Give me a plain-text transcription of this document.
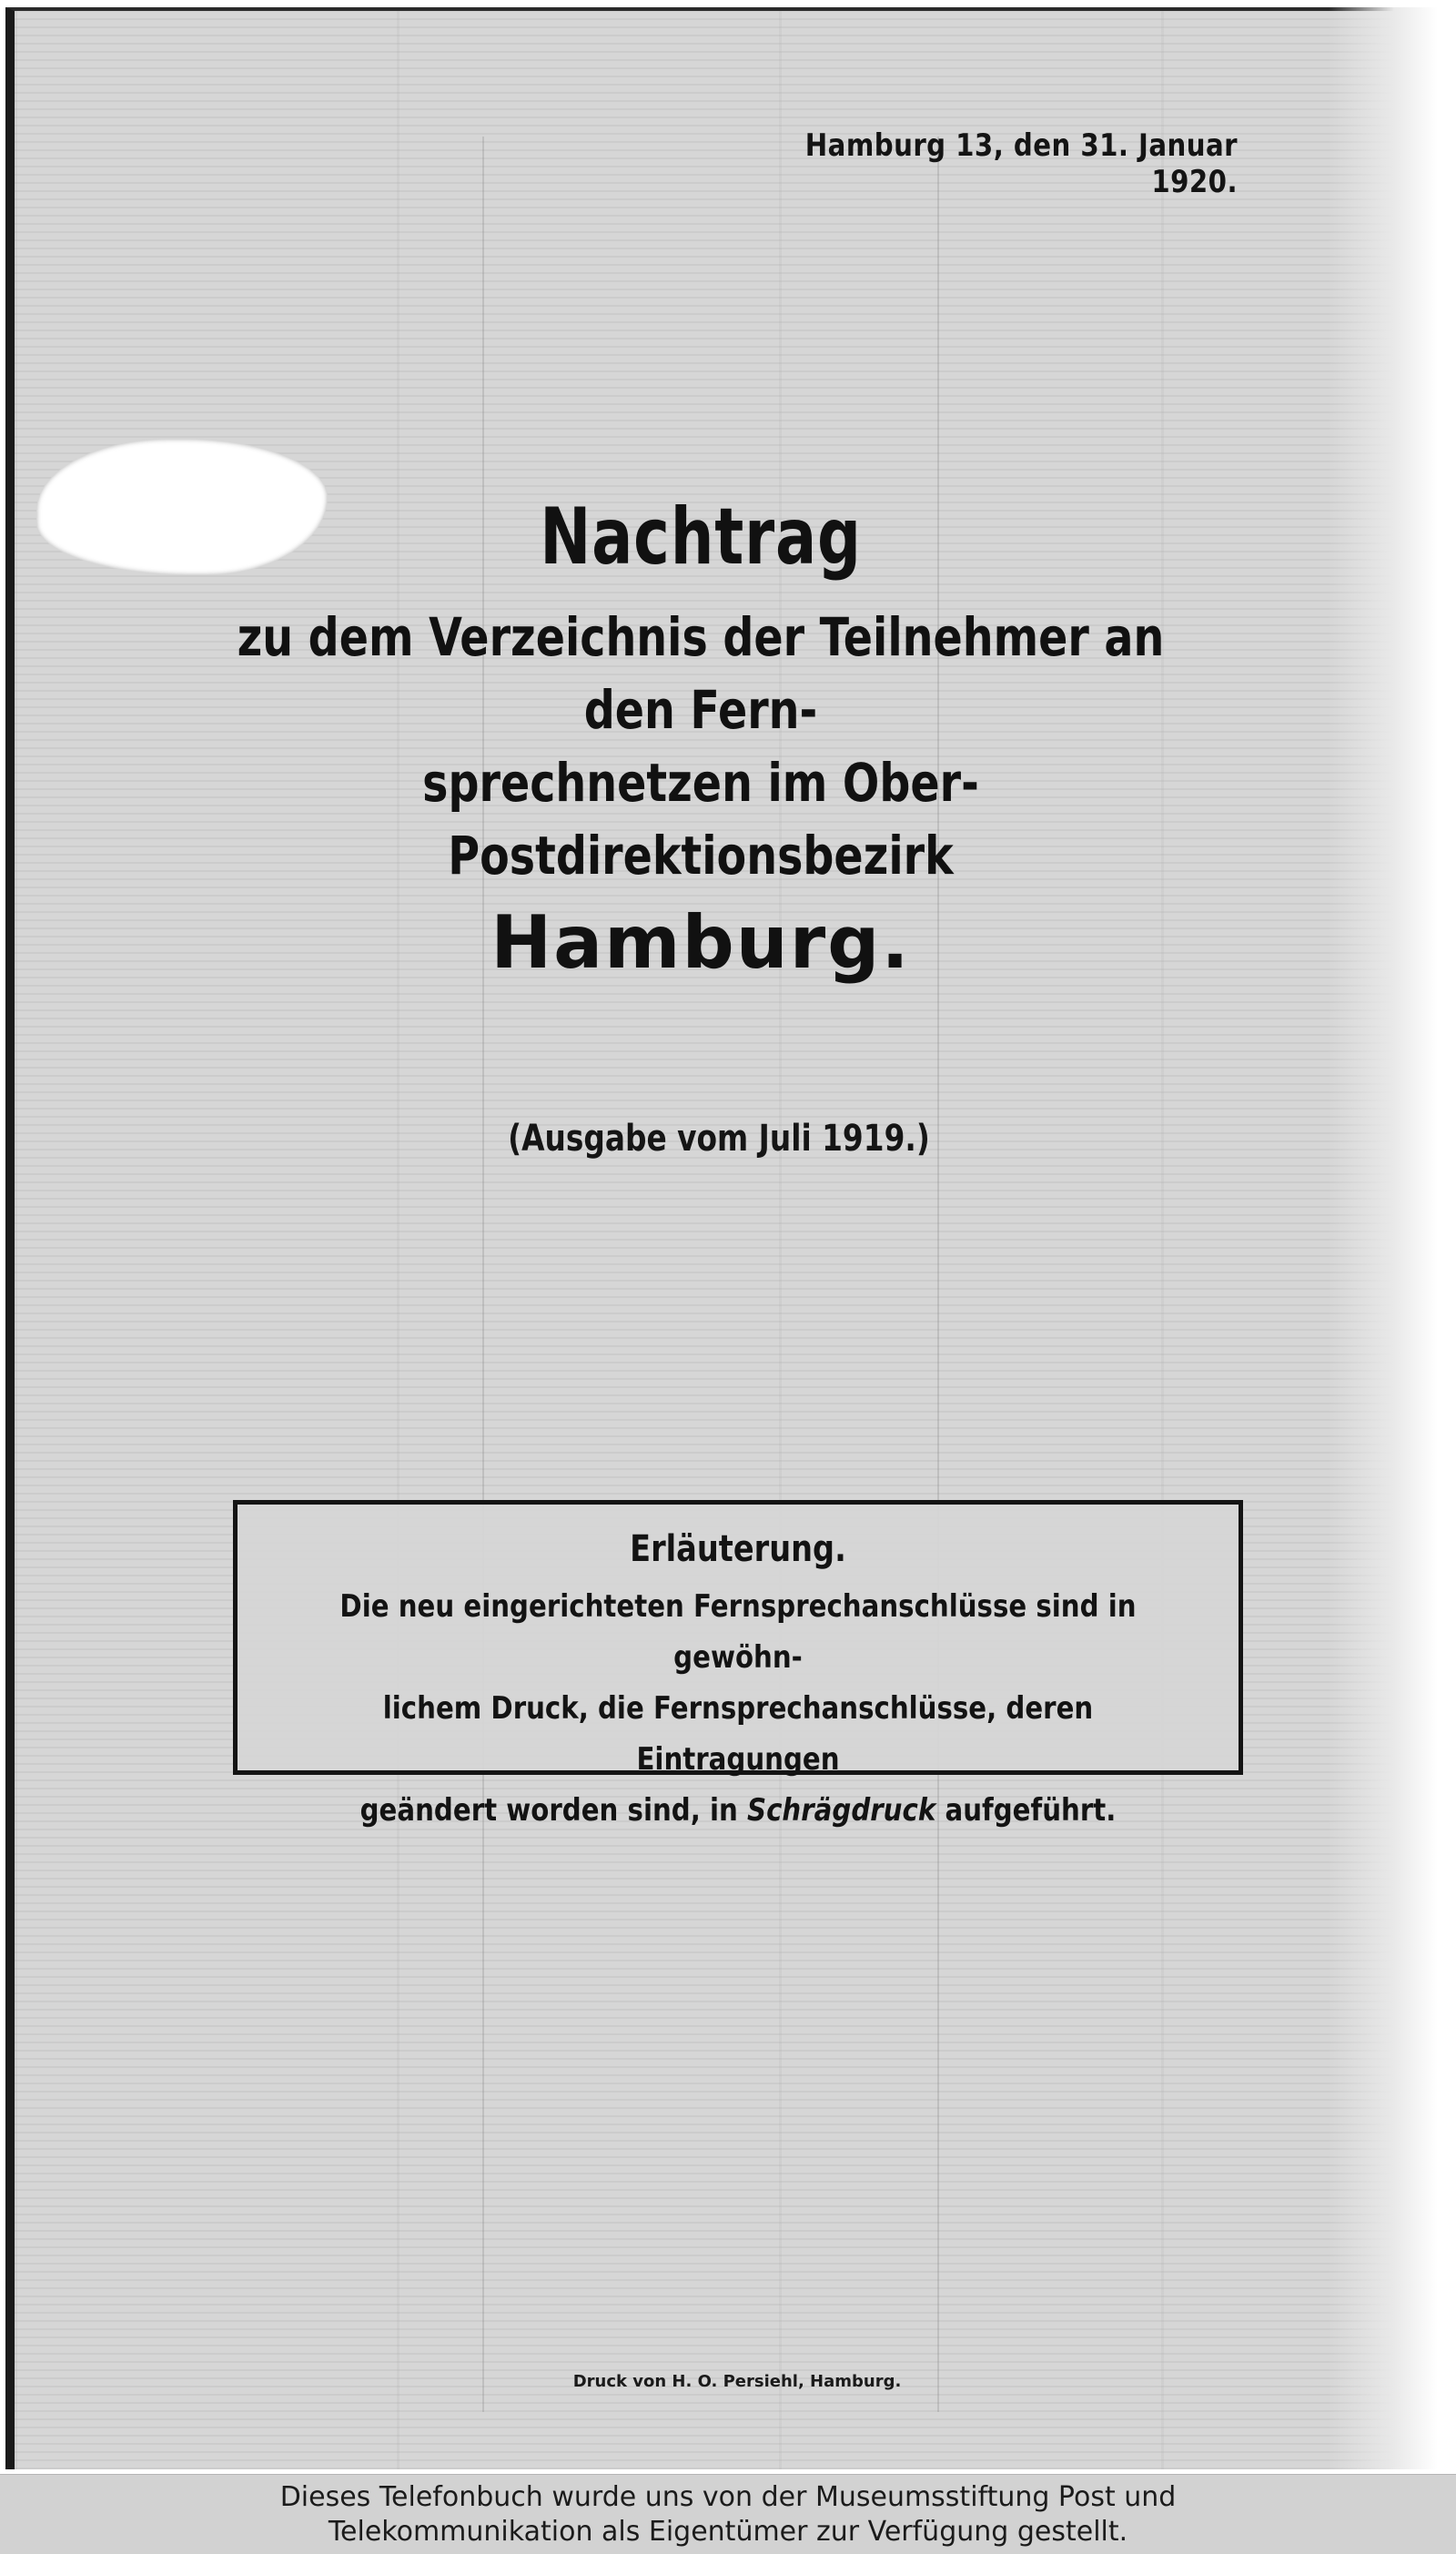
Hamburg 13, den 31. Januar 1920.
Nachtrag
zu dem Verzeichnis der Teilnehmer an den Fern-
sprechnetzen im Ober-Postdirektionsbezirk
Hamburg.
(Ausgabe vom Juli 1919.)
Erläuterung.
Die neu eingerichteten Fernsprechanschlüsse sind in gewöhn-
lichem Druck, die Fernsprechanschlüsse, deren Eintragungen
geändert worden sind, in Schrägdruck aufgeführt.
Druck von H. O. Persiehl, Hamburg.
Dieses Telefonbuch wurde uns von der Museumsstiftung Post und
Telekommunikation als Eigentümer zur Verfügung gestellt.
